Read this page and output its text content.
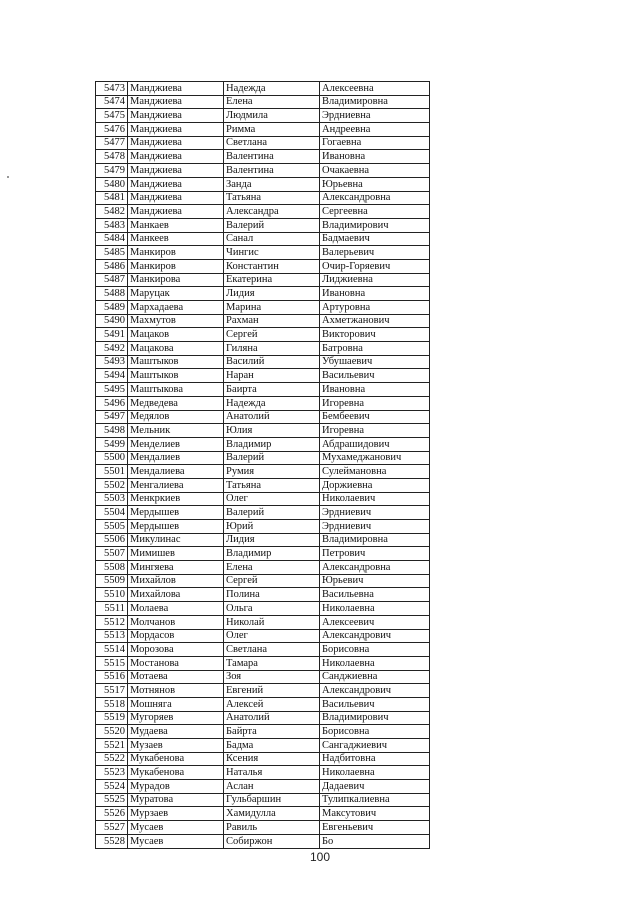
5473	Манджиева	Надежда	Алексеевна
5474	Манджиева	Елена	Владимировна
5475	Манджиева	Людмила	Эрдниевна
5476	Манджиева	Римма	Андреевна
5477	Манджиева	Светлана	Гогаевна
5478	Манджиева	Валентина	Ивановна
5479	Манджиева	Валентина	Очакаевна
5480	Манджиева	Занда	Юрьевна
5481	Манджиева	Татьяна	Александровна
5482	Манджиева	Александра	Сергеевна
5483	Манкаев	Валерий	Владимирович
5484	Манкеев	Санал	Бадмаевич
5485	Манкиров	Чингис	Валерьевич
5486	Манкиров	Константин	Очир-Горяевич
5487	Манкирова	Екатерина	Лиджиевна
5488	Маруцак	Лидия	Ивановна
5489	Мархадаева	Марина	Артуровна
5490	Махмутов	Рахман	Ахметжанович
5491	Мацаков	Сергей	Викторович
5492	Мацакова	Гиляна	Батровна
5493	Маштыков	Василий	Убушаевич
5494	Маштыков	Наран	Васильевич
5495	Маштыкова	Баирта	Ивановна
5496	Медведева	Надежда	Игоревна
5497	Медялов	Анатолий	Бембеевич
5498	Мельник	Юлия	Игоревна
5499	Менделиев	Владимир	Абдрашидович
5500	Мендалиев	Валерий	Мухамеджанович
5501	Мендалиева	Румия	Сулеймановна
5502	Менгалиева	Татьяна	Доржиевна
5503	Менкркиев	Олег	Николаевич
5504	Мердышев	Валерий	Эрдниевич
5505	Мердышев	Юрий	Эрдниевич
5506	Микулинас	Лидия	Владимировна
5507	Мимишев	Владимир	Петрович
5508	Мингяева	Елена	Александровна
5509	Михайлов	Сергей	Юрьевич
5510	Михайлова	Полина	Васильевна
5511	Молаева	Ольга	Николаевна
5512	Молчанов	Николай	Алексеевич
5513	Мордасов	Олег	Александрович
5514	Морозова	Светлана	Борисовна
5515	Мостанова	Тамара	Николаевна
5516	Мотаева	Зоя	Санджиевна
5517	Мотнянов	Евгений	Александрович
5518	Мошняга	Алексей	Васильевич
5519	Мугоряев	Анатолий	Владимирович
5520	Мудаева	Байрта	Борисовна
5521	Музаев	Бадма	Сангаджиевич
5522	Мукабенова	Ксения	Надбитовна
5523	Мукабенова	Наталья	Николаевна
5524	Мурадов	Аслан	Дадаевич
5525	Муратова	Гульбаршин	Тулипкалиевна
5526	Мурзаев	Хамидулла	Максутович
5527	Мусаев	Равиль	Евгеньевич
5528	Мусаев	Собиржон	Бо
100
